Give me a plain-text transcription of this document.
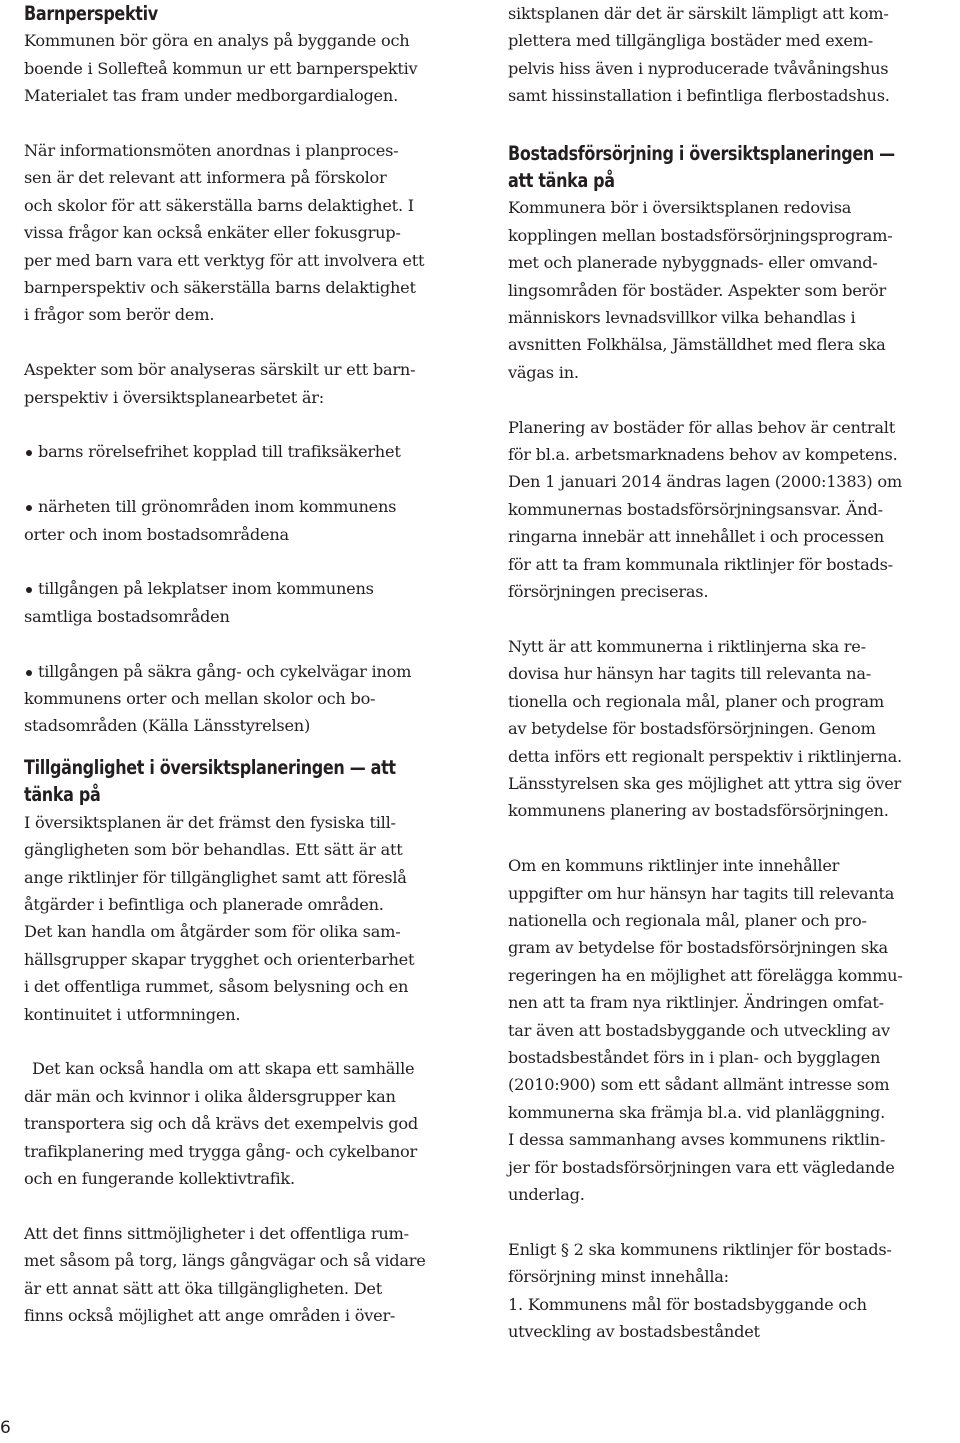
Barnperspektiv

Kommunen bör göra en analys på byggande och
boende i Sollefteå kommun ur ett barnperspektiv
Materialet tas fram under medborgardialogen.

När informationsmöten anordnas i planproces-
sen är det relevant att informera på förskolor
och skolor för att säkerställa barns delaktighet. I
vissa frågor kan också enkäter eller fokusgrup-
per med barn vara ett verktyg för att involvera ett
barnperspektiv och säkerställa barns delaktighet
i frågor som berör dem.

Aspekter som bör analyseras särskilt ur ett barn-
perspektiv i översiktsplanearbetet är:

barns rörelsefrihet kopplad till trafiksäkerhet
närheten till grönområden inom kommunens
orter och inom bostadsområdena
tillgången på lekplatser inom kommunens
samtliga bostadsområden
tillgången på säkra gång- och cykelvägar inom
kommunens orter och mellan skolor och bo-
stadsområden (Källa Länsstyrelsen)
Tillgänglighet i översiktsplaneringen — att
tänka på

I översiktsplanen är det främst den fysiska till-
gängligheten som bör behandlas. Ett sätt är att
ange riktlinjer för tillgänglighet samt att föreslå
åtgärder i befintliga och planerade områden.
Det kan handla om åtgärder som för olika sam-
hällsgrupper skapar trygghet och orienterbarhet
i det offentliga rummet, såsom belysning och en
kontinuitet i utformningen.

Det kan också handla om att skapa ett samhälle
där män och kvinnor i olika åldersgrupper kan
transportera sig och då krävs det exempelvis god
trafikplanering med trygga gång- och cykelbanor
och en fungerande kollektivtrafik.

Att det finns sittmöjligheter i det offentliga rum-
met såsom på torg, längs gångvägar och så vidare
är ett annat sätt att öka tillgängligheten. Det
finns också möjlighet att ange områden i över-

siktsplanen där det är särskilt lämpligt att kom-
plettera med tillgängliga bostäder med exem-
pelvis hiss även i nyproducerade tvåvåningshus
samt hissinstallation i befintliga flerbostadshus.

Bostadsförsörjning i översiktsplaneringen —
att tänka på

Kommunera bör i översiktsplanen redovisa
kopplingen mellan bostadsförsörjningsprogram-
met och planerade nybyggnads- eller omvand-
lingsområden för bostäder. Aspekter som berör
människors levnadsvillkor vilka behandlas i
avsnitten Folkhälsa, Jämställdhet med flera ska
vägas in.

Planering av bostäder för allas behov är centralt
för bl.a. arbetsmarknadens behov av kompetens.
Den 1 januari 2014 ändras lagen (2000:1383) om
kommunernas bostadsförsörjningsansvar. Änd-
ringarna innebär att innehållet i och processen
för att ta fram kommunala riktlinjer för bostads-
försörjningen preciseras.

Nytt är att kommunerna i riktlinjerna ska re-
dovisa hur hänsyn har tagits till relevanta na-
tionella och regionala mål, planer och program
av betydelse för bostadsförsörjningen. Genom
detta införs ett regionalt perspektiv i riktlinjerna.
Länsstyrelsen ska ges möjlighet att yttra sig över
kommunens planering av bostadsförsörjningen.

Om en kommuns riktlinjer inte innehåller
uppgifter om hur hänsyn har tagits till relevanta
nationella och regionala mål, planer och pro-
gram av betydelse för bostadsförsörjningen ska
regeringen ha en möjlighet att förelägga kommu-
nen att ta fram nya riktlinjer. Ändringen omfat-
tar även att bostadsbyggande och utveckling av
bostadsbeståndet förs in i plan- och bygglagen
(2010:900) som ett sådant allmänt intresse som
kommunerna ska främja bl.a. vid planläggning.
I dessa sammanhang avses kommunens riktlin-
jer för bostadsförsörjningen vara ett vägledande
underlag.

Enligt § 2 ska kommunens riktlinjer för bostads-
försörjning minst innehålla:
1. Kommunens mål för bostadsbyggande och
utveckling av bostadsbeståndet

6
